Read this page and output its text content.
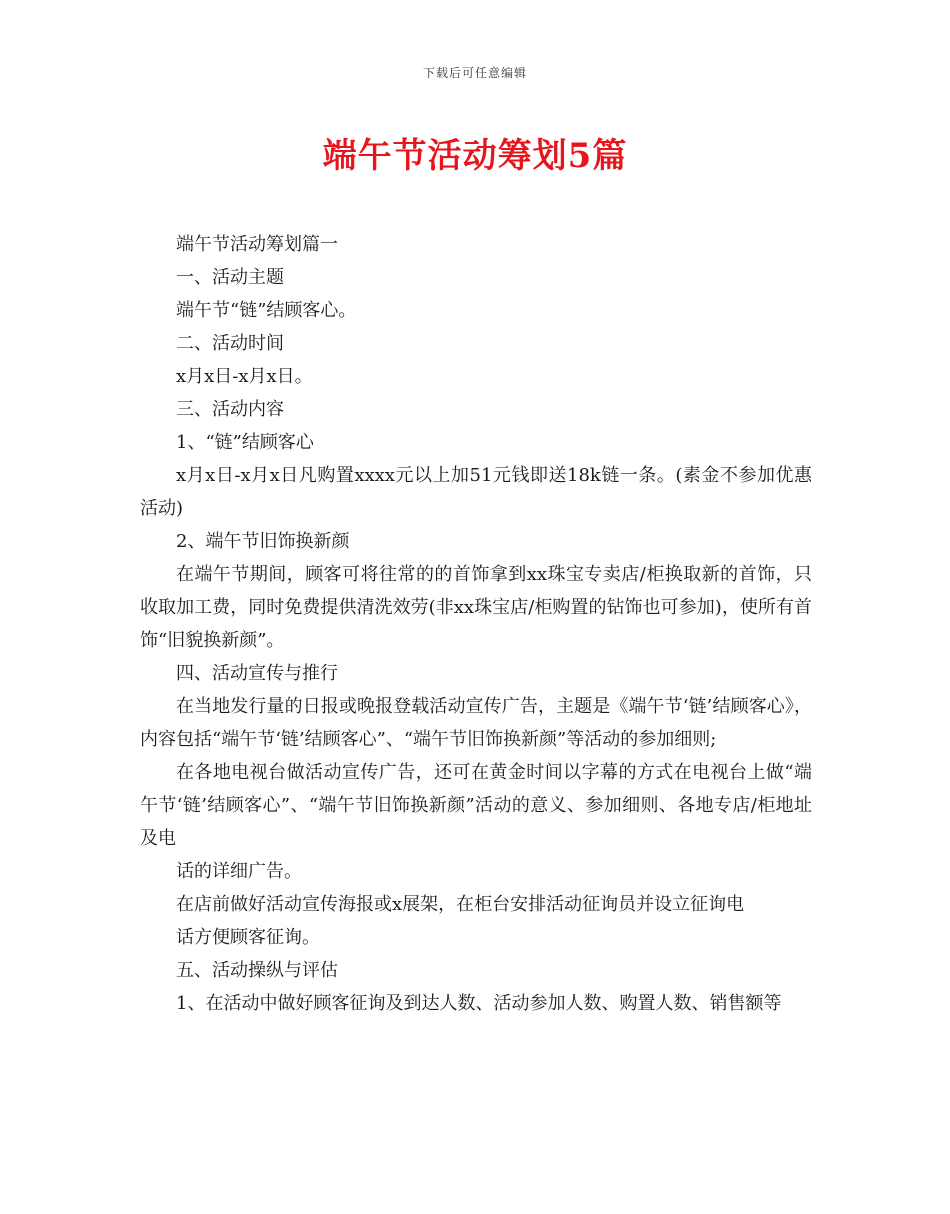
下载后可任意编辑
端午节活动筹划5篇

端午节活动筹划篇一

一、活动主题

端午节“链”结顾客心。

二、活动时间

x月x日-x月x日。

三、活动内容

1、“链”结顾客心

x月x日-x月x日凡购置xxxx元以上加51元钱即送18k链一条。(素金不参加优惠活动)

2、端午节旧饰换新颜

在端午节期间，顾客可将往常的的首饰拿到xx珠宝专卖店/柜换取新的首饰，只收取加工费，同时免费提供清洗效劳(非xx珠宝店/柜购置的钻饰也可参加)，使所有首饰“旧貌换新颜”。

四、活动宣传与推行

在当地发行量的日报或晚报登载活动宣传广告，主题是《端午节‘链’结顾客心》，内容包括“端午节‘链’结顾客心”、“端午节旧饰换新颜”等活动的参加细则;

在各地电视台做活动宣传广告，还可在黄金时间以字幕的方式在电视台上做“端午节‘链’结顾客心”、“端午节旧饰换新颜”活动的意义、参加细则、各地专店/柜地址及电

话的详细广告。

在店前做好活动宣传海报或x展架，在柜台安排活动征询员并设立征询电

话方便顾客征询。

五、活动操纵与评估

1、在活动中做好顾客征询及到达人数、活动参加人数、购置人数、销售额等
